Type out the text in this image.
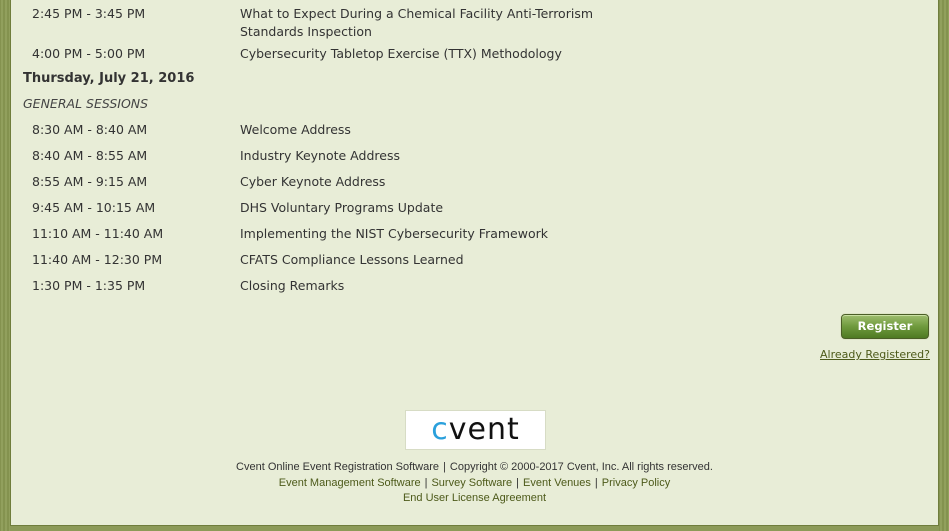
2:45 PM - 3:45 PM	What to Expect During a Chemical Facility Anti-Terrorism Standards Inspection
4:00 PM - 5:00 PM	Cybersecurity Tabletop Exercise (TTX) Methodology
Thursday, July 21, 2016
GENERAL SESSIONS
8:30 AM - 8:40 AM	Welcome Address
8:40 AM - 8:55 AM	Industry Keynote Address
8:55 AM - 9:15 AM	Cyber Keynote Address
9:45 AM - 10:15 AM	DHS Voluntary Programs Update
11:10 AM - 11:40 AM	Implementing the NIST Cybersecurity Framework
11:40 AM - 12:30 PM	CFATS Compliance Lessons Learned
1:30 PM - 1:35 PM	Closing Remarks
Register
Already Registered?
cvent
Cvent Online Event Registration Software | Copyright © 2000-2017 Cvent, Inc. All rights reserved.
Event Management Software | Survey Software | Event Venues | Privacy Policy
End User License Agreement
